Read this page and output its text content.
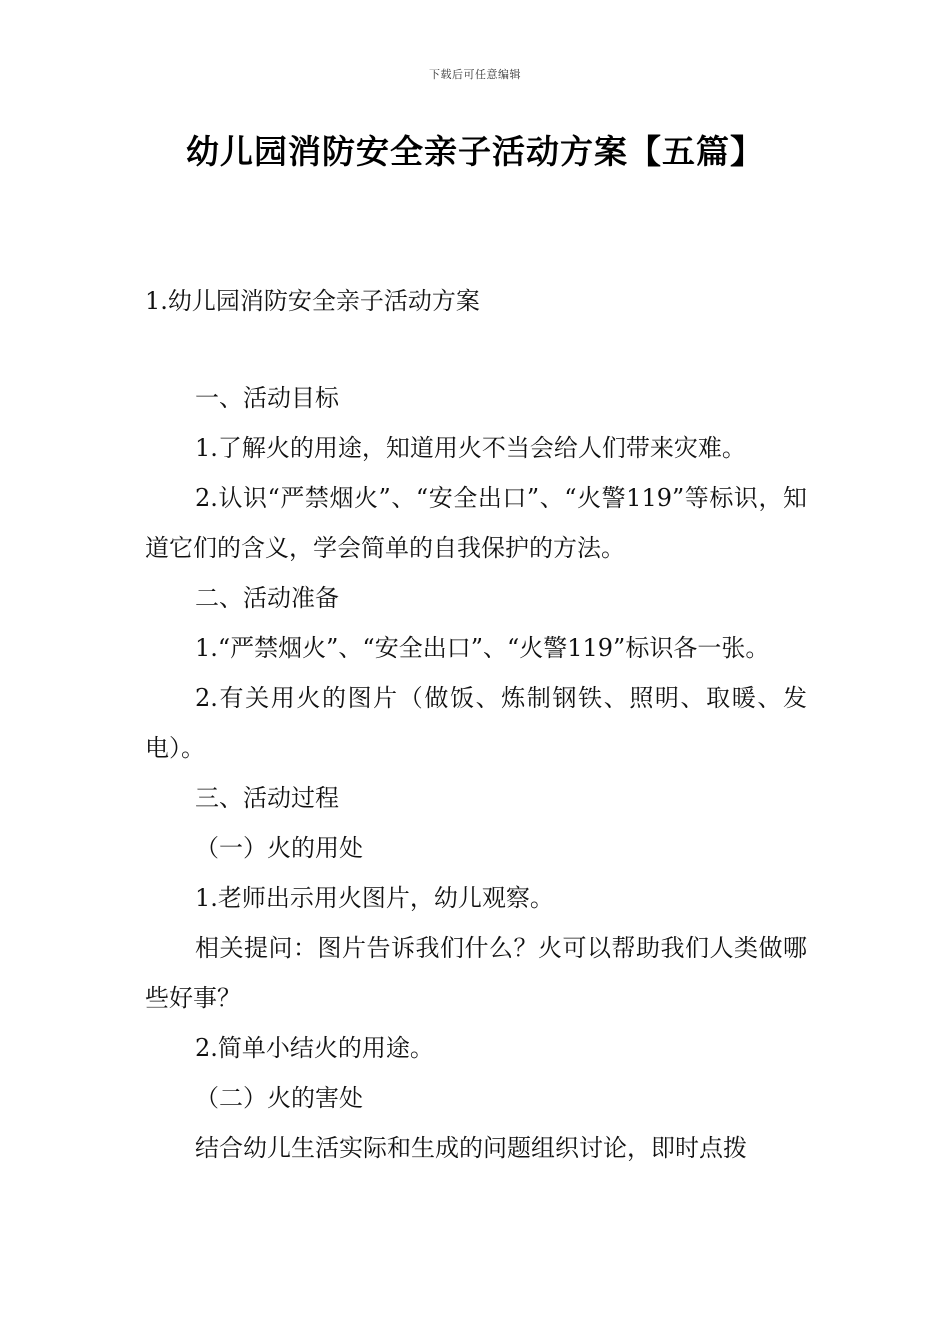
下载后可任意编辑
幼儿园消防安全亲子活动方案【五篇】
1.幼儿园消防安全亲子活动方案

一、活动目标

1.了解火的用途，知道用火不当会给人们带来灾难。

2.认识“严禁烟火”、“安全出口”、“火警119”等标识，知道它们的含义，学会简单的自我保护的方法。

二、活动准备

1.“严禁烟火”、“安全出口”、“火警119”标识各一张。

2.有关用火的图片（做饭、炼制钢铁、照明、取暖、发电）。

三、活动过程

（一）火的用处

1.老师出示用火图片，幼儿观察。

相关提问：图片告诉我们什么？火可以帮助我们人类做哪些好事？

2.简单小结火的用途。

（二）火的害处

结合幼儿生活实际和生成的问题组织讨论，即时点拨
